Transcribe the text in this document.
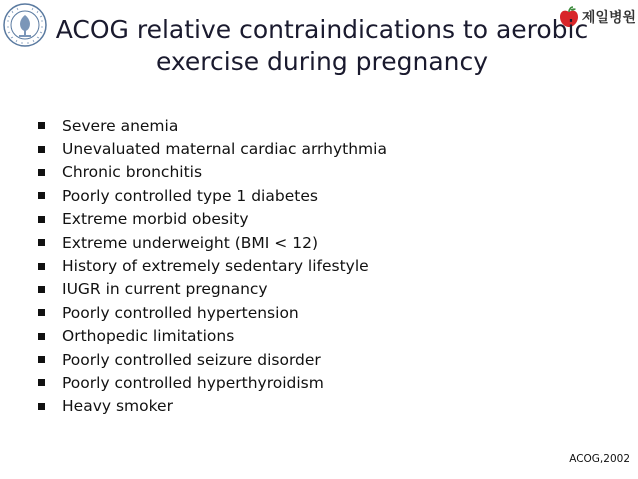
제일병원
ACOG relative contraindications to aerobic
exercise during pregnancy
Severe anemia
Unevaluated maternal cardiac arrhythmia
Chronic bronchitis
Poorly controlled type 1 diabetes
Extreme morbid obesity
Extreme underweight (BMI < 12)
History of extremely sedentary lifestyle
IUGR in current pregnancy
Poorly controlled hypertension
Orthopedic limitations
Poorly controlled seizure disorder
Poorly controlled hyperthyroidism
Heavy smoker
ACOG,2002
